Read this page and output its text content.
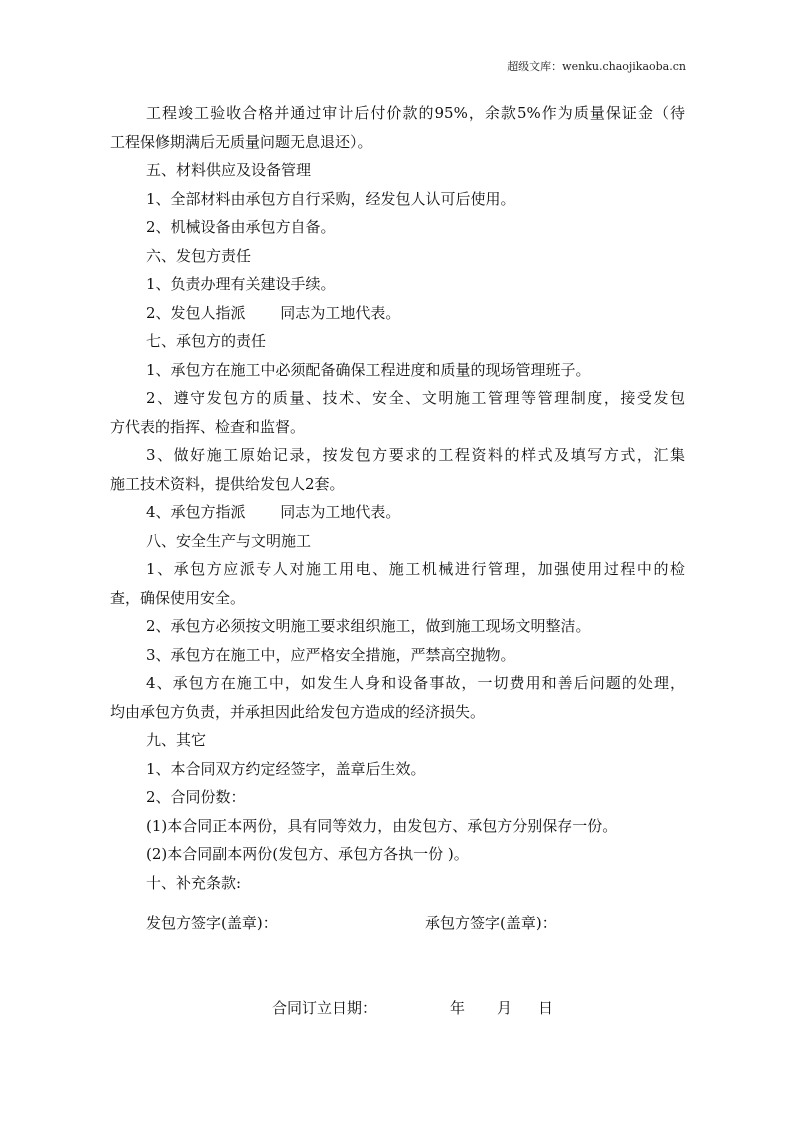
超级文库：wenku.chaojikaoba.cn
工程竣工验收合格并通过审计后付价款的95%，余款5%作为质量保证金（待
工程保修期满后无质量问题无息退还）。
五、材料供应及设备管理
1、全部材料由承包方自行采购，经发包人认可后使用。
2、机械设备由承包方自备。
六、发包方责任
1、负责办理有关建设手续。
2、发包人指派　　 同志为工地代表。
七、承包方的责任
1、承包方在施工中必须配备确保工程进度和质量的现场管理班子。
2、遵守发包方的质量、技术、安全、文明施工管理等管理制度，接受发包
方代表的指挥、检查和监督。
3、做好施工原始记录，按发包方要求的工程资料的样式及填写方式，汇集
施工技术资料，提供给发包人2套。
4、承包方指派　　 同志为工地代表。
八、安全生产与文明施工
1、承包方应派专人对施工用电、施工机械进行管理，加强使用过程中的检
查，确保使用安全。
2、承包方必须按文明施工要求组织施工，做到施工现场文明整洁。
3、承包方在施工中，应严格安全措施，严禁高空抛物。
4、承包方在施工中，如发生人身和设备事故，一切费用和善后问题的处理，
均由承包方负责，并承担因此给发包方造成的经济损失。
九、其它
1、本合同双方约定经签字，盖章后生效。
2、合同份数：
(1)本合同正本两份，具有同等效力，由发包方、承包方分别保存一份。
(2)本合同副本两份(发包方、承包方各执一份 )。
十、补充条款:
发包方签字(盖章)：	承包方签字(盖章)：
合同订立日期：	年 月 日
